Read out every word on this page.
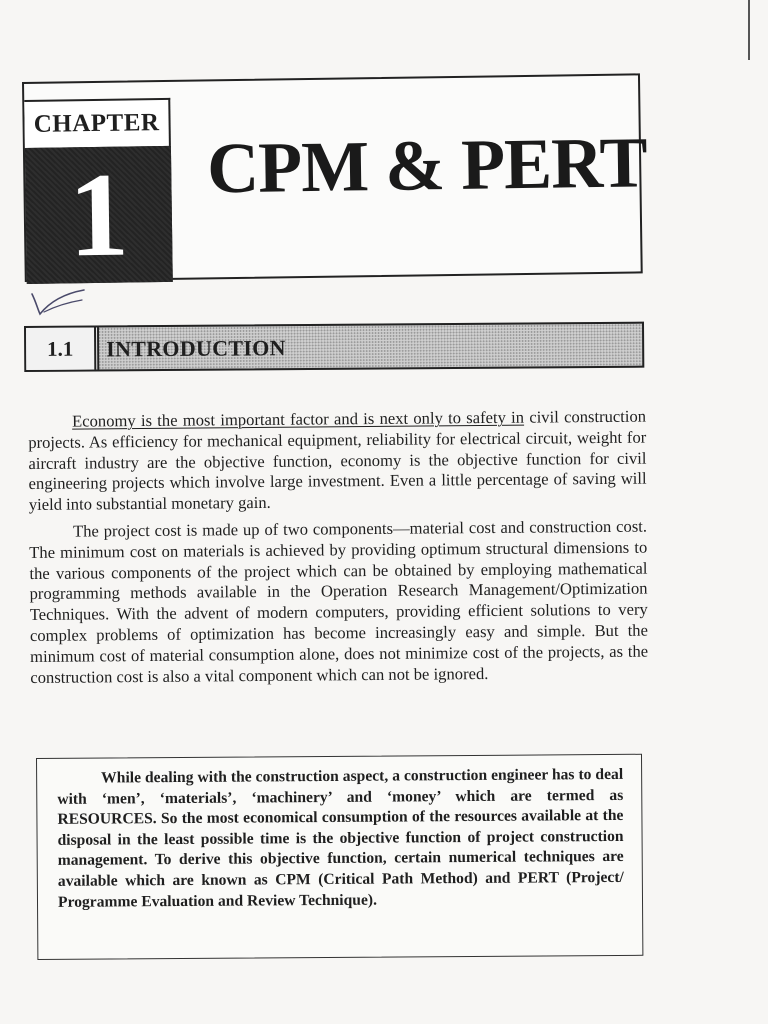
CHAPTER
1	CPM & PERT
1.1	INTRODUCTION

Economy is the most important factor and is next only to safety in civil construction projects. As efficiency for mechanical equipment, reliability for electrical circuit, weight for aircraft industry are the objective function, economy is the objective function for civil engineering projects which involve large investment. Even a little percentage of saving will yield into substantial monetary gain.

The project cost is made up of two components—material cost and construction cost. The minimum cost on materials is achieved by providing optimum structural dimensions to the various components of the project which can be obtained by employing mathematical programming methods available in the Operation Research Management/Optimization Techniques. With the advent of modern computers, providing efficient solutions to very complex problems of optimization has become increasingly easy and simple. But the minimum cost of material consumption alone, does not minimize cost of the projects, as the construction cost is also a vital component which can not be ignored.

While dealing with the construction aspect, a construction engineer has to deal with ‘men’, ‘materials’, ‘machinery’ and ‘money’ which are termed as RESOURCES. So the most economical consumption of the resources available at the disposal in the least possible time is the objective function of project construction management. To derive this objective function, certain numerical techniques are available which are known as CPM (Critical Path Method) and PERT (Project/ Programme Evaluation and Review Technique).
